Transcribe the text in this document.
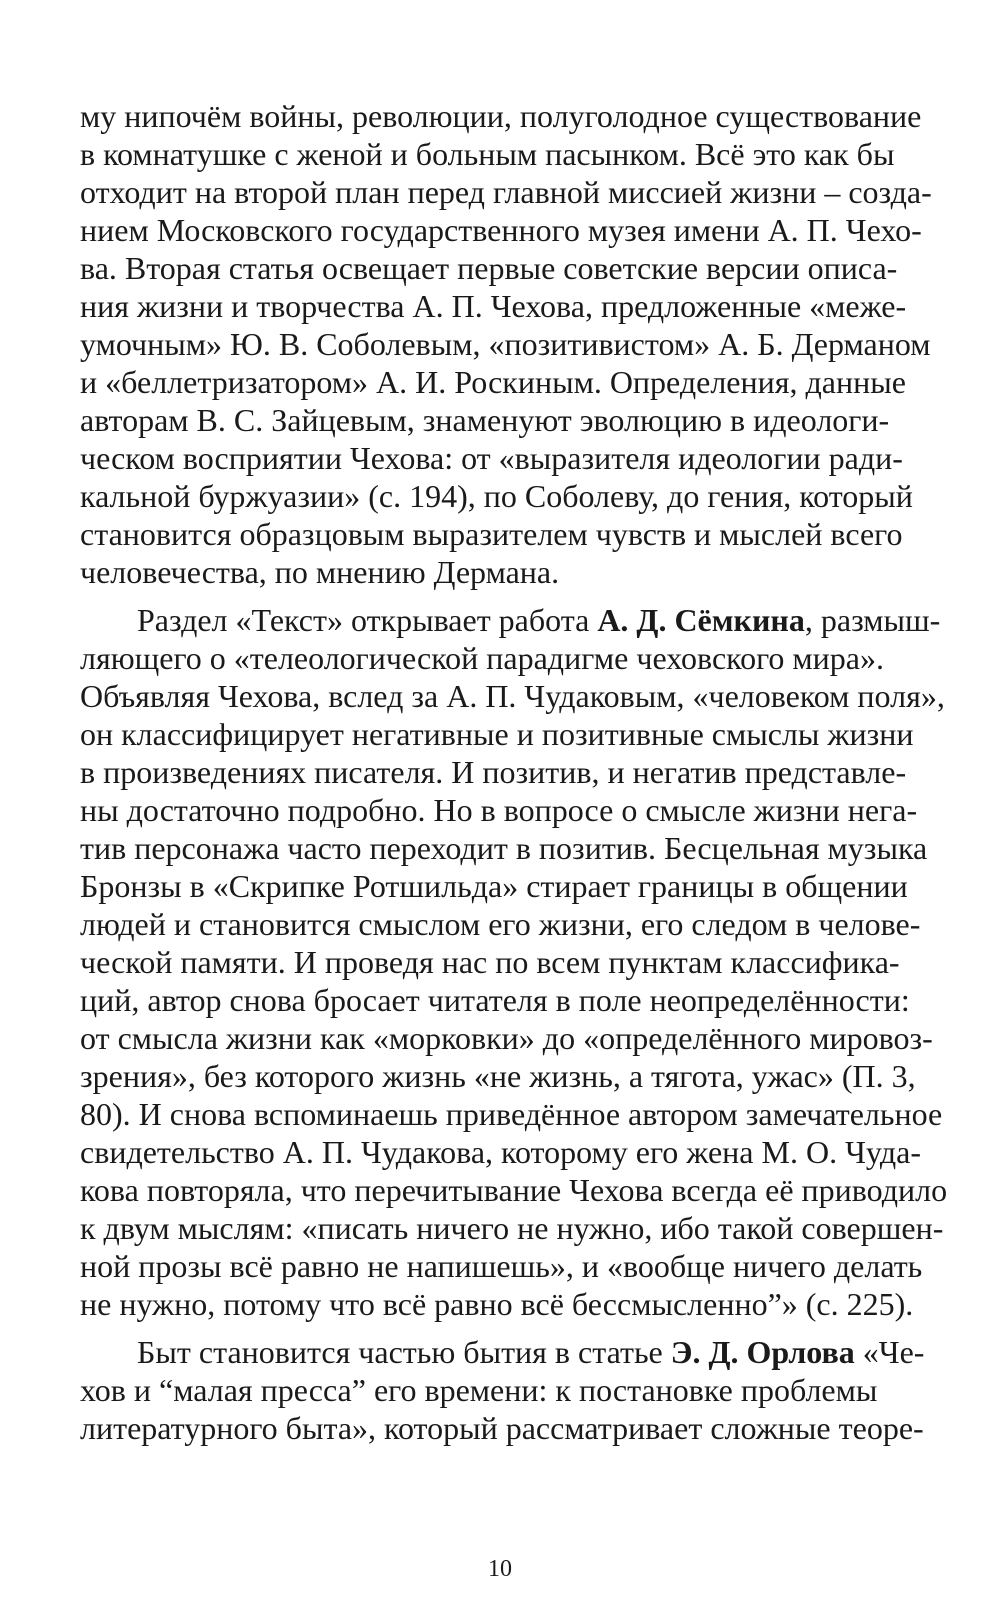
му нипочём войны, революции, полуголодное существование
в комнатушке с женой и больным пасынком. Всё это как бы
отходит на второй план перед главной миссией жизни – созда-
нием Московского государственного музея имени А. П. Чехо-
ва. Вторая статья освещает первые советские версии описа-
ния жизни и творчества А. П. Чехова, предложенные «меже-
умочным» Ю. В. Соболевым, «позитивистом» А. Б. Дерманом
и «беллетризатором» А. И. Роскиным. Определения, данные
авторам В. С. Зайцевым, знаменуют эволюцию в идеологи-
ческом восприятии Чехова: от «выразителя идеологии ради-
кальной буржуазии» (с. 194), по Соболеву, до гения, который
становится образцовым выразителем чувств и мыслей всего
человечества, по мнению Дермана.
Раздел «Текст» открывает работа А. Д. Сёмкина, размыш-
ляющего о «телеологической парадигме чеховского мира».
Объявляя Чехова, вслед за А. П. Чудаковым, «человеком поля»,
он классифицирует негативные и позитивные смыслы жизни
в произведениях писателя. И позитив, и негатив представле-
ны достаточно подробно. Но в вопросе о смысле жизни нега-
тив персонажа часто переходит в позитив. Бесцельная музыка
Бронзы в «Скрипке Ротшильда» стирает границы в общении
людей и становится смыслом его жизни, его следом в челове-
ческой памяти. И проведя нас по всем пунктам классифика-
ций, автор снова бросает читателя в поле неопределённости:
от смысла жизни как «морковки» до «определённого мировоз-
зрения», без которого жизнь «не жизнь, а тягота, ужас» (П. 3,
80). И снова вспоминаешь приведённое автором замечательное
свидетельство А. П. Чудакова, которому его жена М. О. Чуда-
кова повторяла, что перечитывание Чехова всегда её приводило
к двум мыслям: «писать ничего не нужно, ибо такой совершен-
ной прозы всё равно не напишешь», и «вообще ничего делать
не нужно, потому что всё равно всё бессмысленно”» (с. 225).
Быт становится частью бытия в статье Э. Д. Орлова «Че-
хов и “малая пресса” его времени: к постановке проблемы
литературного быта», который рассматривает сложные теоре-
10
